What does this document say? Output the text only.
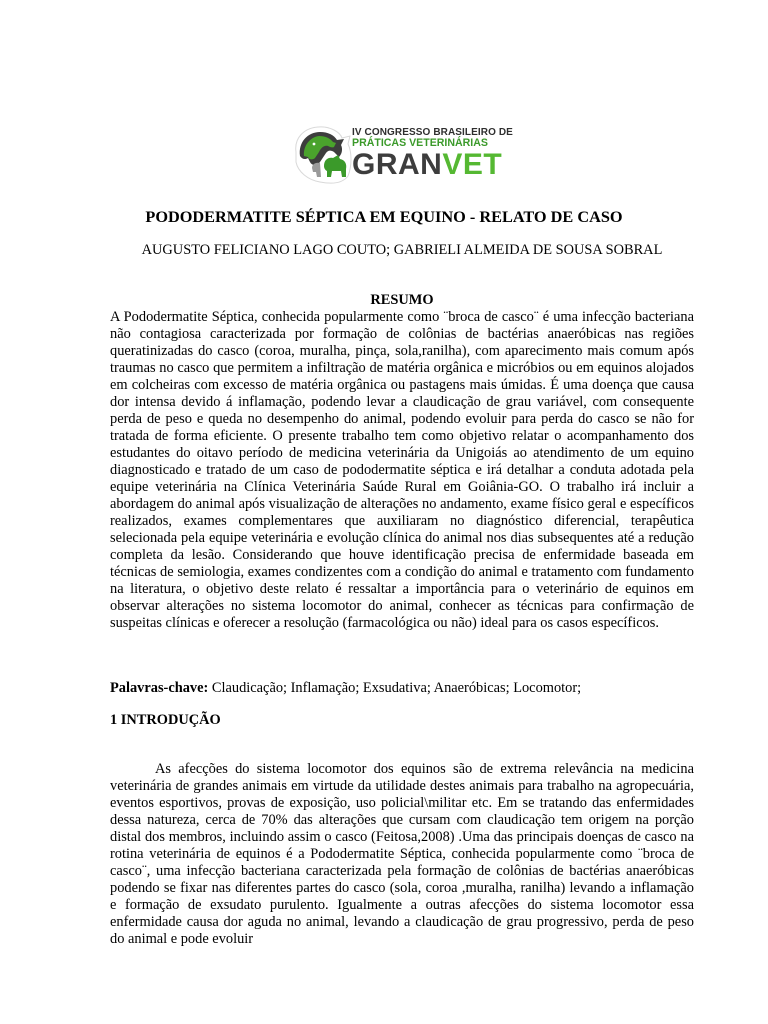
IV CONGRESSO BRASILEIRO DE
PRÁTICAS VETERINÁRIAS
GRANVET
PODODERMATITE SÉPTICA EM EQUINO - RELATO DE CASO
AUGUSTO FELICIANO LAGO COUTO; GABRIELI ALMEIDA DE SOUSA SOBRAL
RESUMO
A Pododermatite Séptica, conhecida popularmente como ¨broca de casco¨ é uma infecção bacteriana não contagiosa caracterizada por formação de colônias de bactérias anaeróbicas nas regiões queratinizadas do casco (coroa, muralha, pinça, sola,ranilha), com aparecimento mais comum após traumas no casco que permitem a infiltração de matéria orgânica e micróbios ou em equinos alojados em colcheiras com excesso de matéria orgânica ou pastagens mais úmidas. É uma doença que causa dor intensa devido á inflamação, podendo levar a claudicação de grau variável, com consequente perda de peso e queda no desempenho do animal, podendo evoluir para perda do casco se não for tratada de forma eficiente. O presente trabalho tem como objetivo relatar o acompanhamento dos estudantes do oitavo período de medicina veterinária da Unigoiás ao atendimento de um equino diagnosticado e tratado de um caso de pododermatite séptica e irá detalhar a conduta adotada pela equipe veterinária na Clínica Veterinária Saúde Rural em Goiânia-GO. O trabalho irá incluir a abordagem do animal após visualização de alterações no andamento, exame físico geral e específicos realizados, exames complementares que auxiliaram no diagnóstico diferencial, terapêutica selecionada pela equipe veterinária e evolução clínica do animal nos dias subsequentes até a redução completa da lesão. Considerando que houve identificação precisa de enfermidade baseada em técnicas de semiologia, exames condizentes com a condição do animal e tratamento com fundamento na literatura, o objetivo deste relato é ressaltar a importância para o veterinário de equinos em observar alterações no sistema locomotor do animal, conhecer as técnicas para confirmação de suspeitas clínicas e oferecer a resolução (farmacológica ou não) ideal para os casos específicos.
Palavras-chave: Claudicação; Inflamação; Exsudativa; Anaeróbicas; Locomotor;
1 INTRODUÇÃO
As afecções do sistema locomotor dos equinos são de extrema relevância na medicina veterinária de grandes animais em virtude da utilidade destes animais para trabalho na agropecuária, eventos esportivos, provas de exposição, uso policial\militar etc. Em se tratando das enfermidades dessa natureza, cerca de 70% das alterações que cursam com claudicação tem origem na porção distal dos membros, incluindo assim o casco (Feitosa,2008) .Uma das principais doenças de casco na rotina veterinária de equinos é a Pododermatite Séptica, conhecida popularmente como ¨broca de casco¨, uma infecção bacteriana caracterizada pela formação de colônias de bactérias anaeróbicas podendo se fixar nas diferentes partes do casco (sola, coroa ,muralha, ranilha) levando a inflamação e formação de exsudato purulento. Igualmente a outras afecções do sistema locomotor essa enfermidade causa dor aguda no animal, levando a claudicação de grau progressivo, perda de peso do animal e pode evoluir
